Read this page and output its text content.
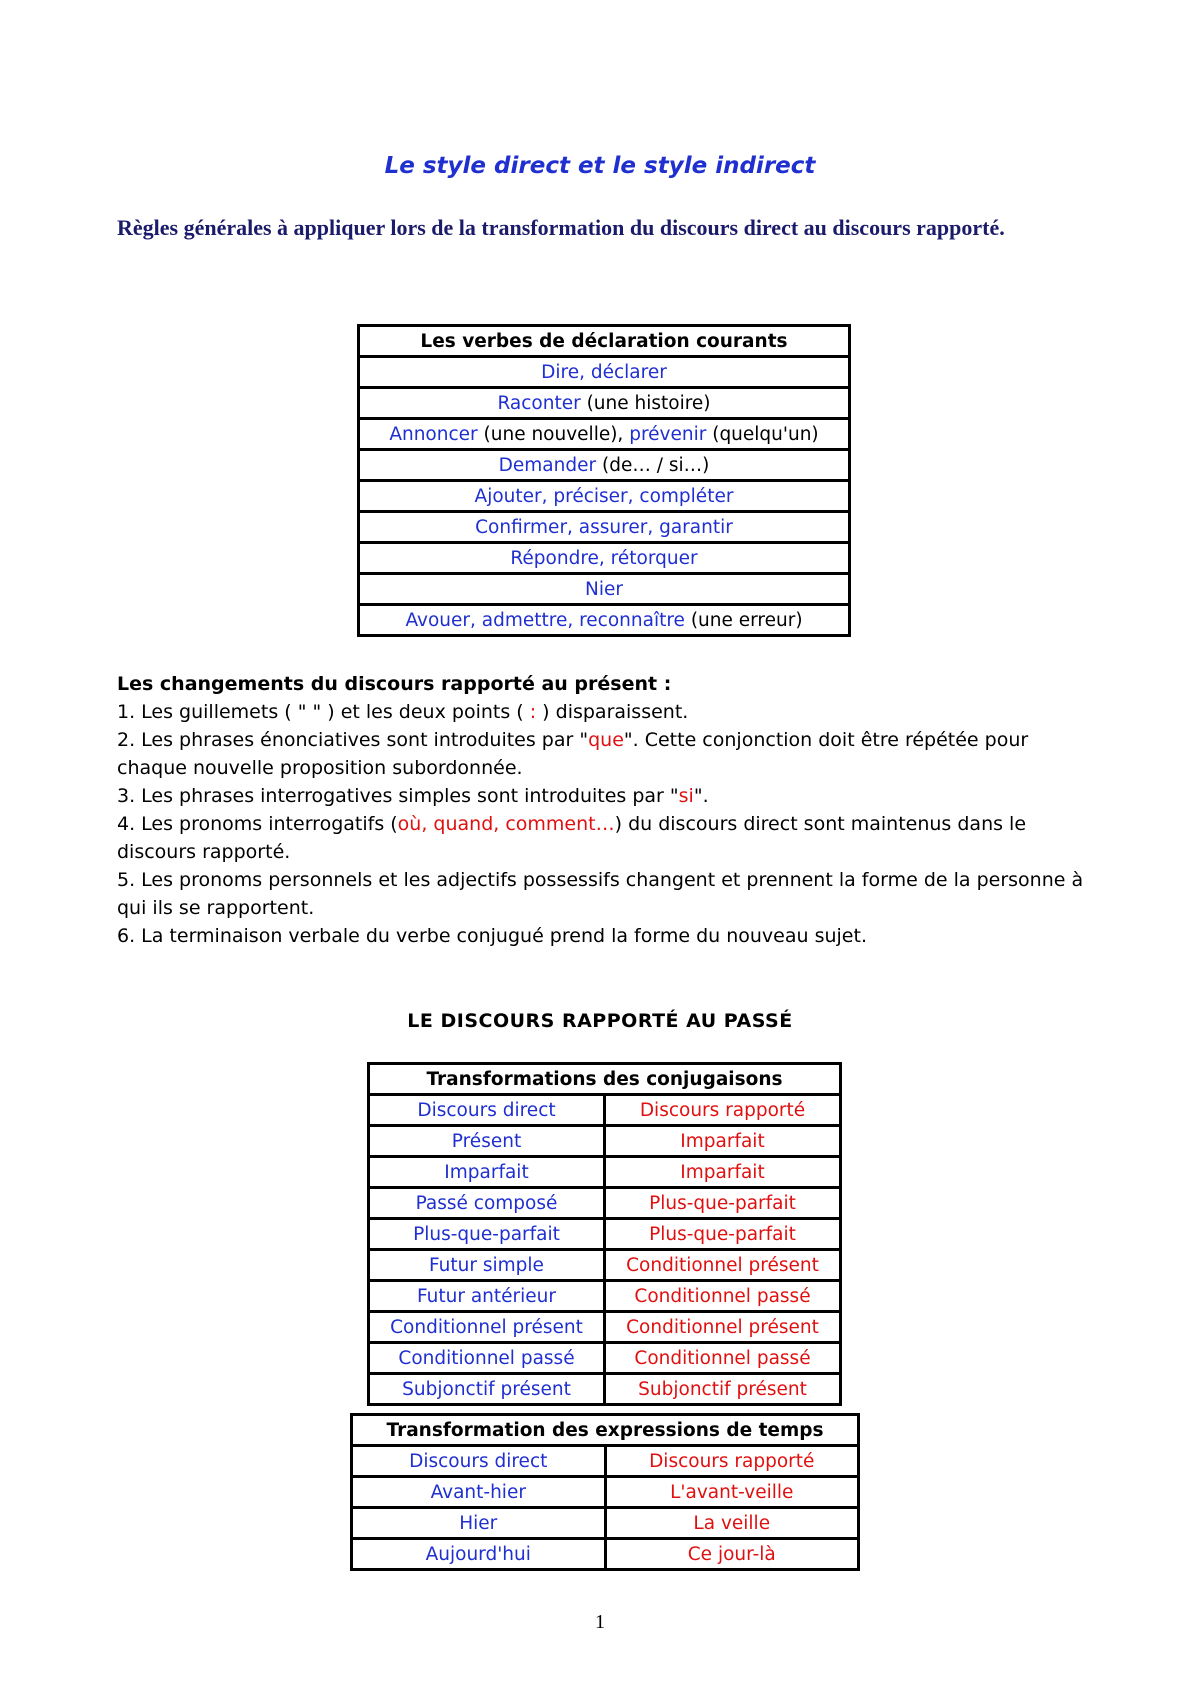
Le style direct et le style indirect
Règles générales à appliquer lors de la transformation du discours direct au discours rapporté.
Les verbes de déclaration courants
Dire, déclarer
Raconter (une histoire)
Annoncer (une nouvelle), prévenir (quelqu'un)
Demander (de… / si…)
Ajouter, préciser, compléter
Confirmer, assurer, garantir
Répondre, rétorquer
Nier
Avouer, admettre, reconnaître (une erreur)

Les changements du discours rapporté au présent :

1. Les guillemets ( " " ) et les deux points ( : ) disparaissent.

2. Les phrases énonciatives sont introduites par "que". Cette conjonction doit être répétée pour chaque nouvelle proposition subordonnée.

3. Les phrases interrogatives simples sont introduites par "si".

4. Les pronoms interrogatifs (où, quand, comment…) du discours direct sont maintenus dans le discours rapporté.

5. Les pronoms personnels et les adjectifs possessifs changent et prennent la forme de la personne à qui ils se rapportent.

6. La terminaison verbale du verbe conjugué prend la forme du nouveau sujet.

LE DISCOURS RAPPORTÉ AU PASSÉ
Transformations des conjugaisons	
Discours direct	Discours rapporté
Présent	Imparfait
Imparfait	Imparfait
Passé composé	Plus-que-parfait
Plus-que-parfait	Plus-que-parfait
Futur simple	Conditionnel présent
Futur antérieur	Conditionnel passé
Conditionnel présent	Conditionnel présent
Conditionnel passé	Conditionnel passé
Subjonctif présent	Subjonctif présent
Transformation des expressions de temps	
Discours direct	Discours rapporté
Avant-hier	L'avant-veille
Hier	La veille
Aujourd'hui	Ce jour-là
1
